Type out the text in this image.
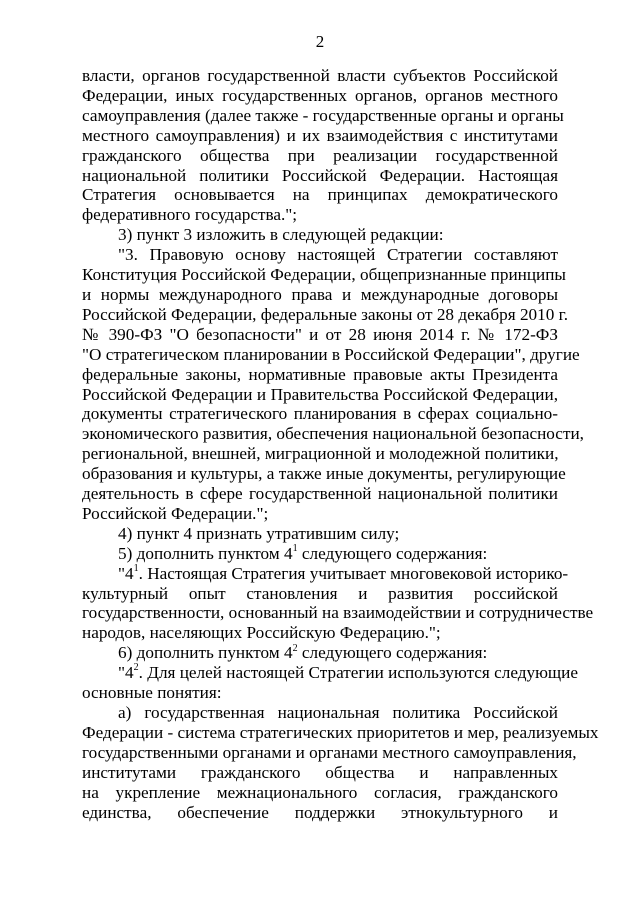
2
власти, органов государственной власти субъектов Российской
Федерации, иных государственных органов, органов местного
самоуправления (далее также - государственные органы и органы
местного самоуправления) и их взаимодействия с институтами
гражданского общества при реализации государственной
национальной политики Российской Федерации. Настоящая
Стратегия основывается на принципах демократического
федеративного государства.";
3) пункт 3 изложить в следующей редакции:
"3. Правовую основу настоящей Стратегии составляют
Конституция Российской Федерации, общепризнанные принципы
и нормы международного права и международные договоры
Российской Федерации, федеральные законы от 28 декабря 2010 г.
№ 390-ФЗ "О безопасности" и от 28 июня 2014 г. № 172-ФЗ
"О стратегическом планировании в Российской Федерации", другие
федеральные законы, нормативные правовые акты Президента
Российской Федерации и Правительства Российской Федерации,
документы стратегического планирования в сферах социально-
экономического развития, обеспечения национальной безопасности,
региональной, внешней, миграционной и молодежной политики,
образования и культуры, а также иные документы, регулирующие
деятельность в сфере государственной национальной политики
Российской Федерации.";
4) пункт 4 признать утратившим силу;
5) дополнить пунктом $4^1$ следующего содержания:
"$4^1$. Настоящая Стратегия учитывает многовековой историко-
культурный опыт становления и развития российской
государственности, основанный на взаимодействии и сотрудничестве
народов, населяющих Российскую Федерацию.";
6) дополнить пунктом $4^2$ следующего содержания:
"$4^2$. Для целей настоящей Стратегии используются следующие
основные понятия:
а) государственная национальная политика Российской
Федерации - система стратегических приоритетов и мер, реализуемых
государственными органами и органами местного самоуправления,
институтами гражданского общества и направленных
на укрепление межнационального согласия, гражданского
единства, обеспечение поддержки этнокультурного и
